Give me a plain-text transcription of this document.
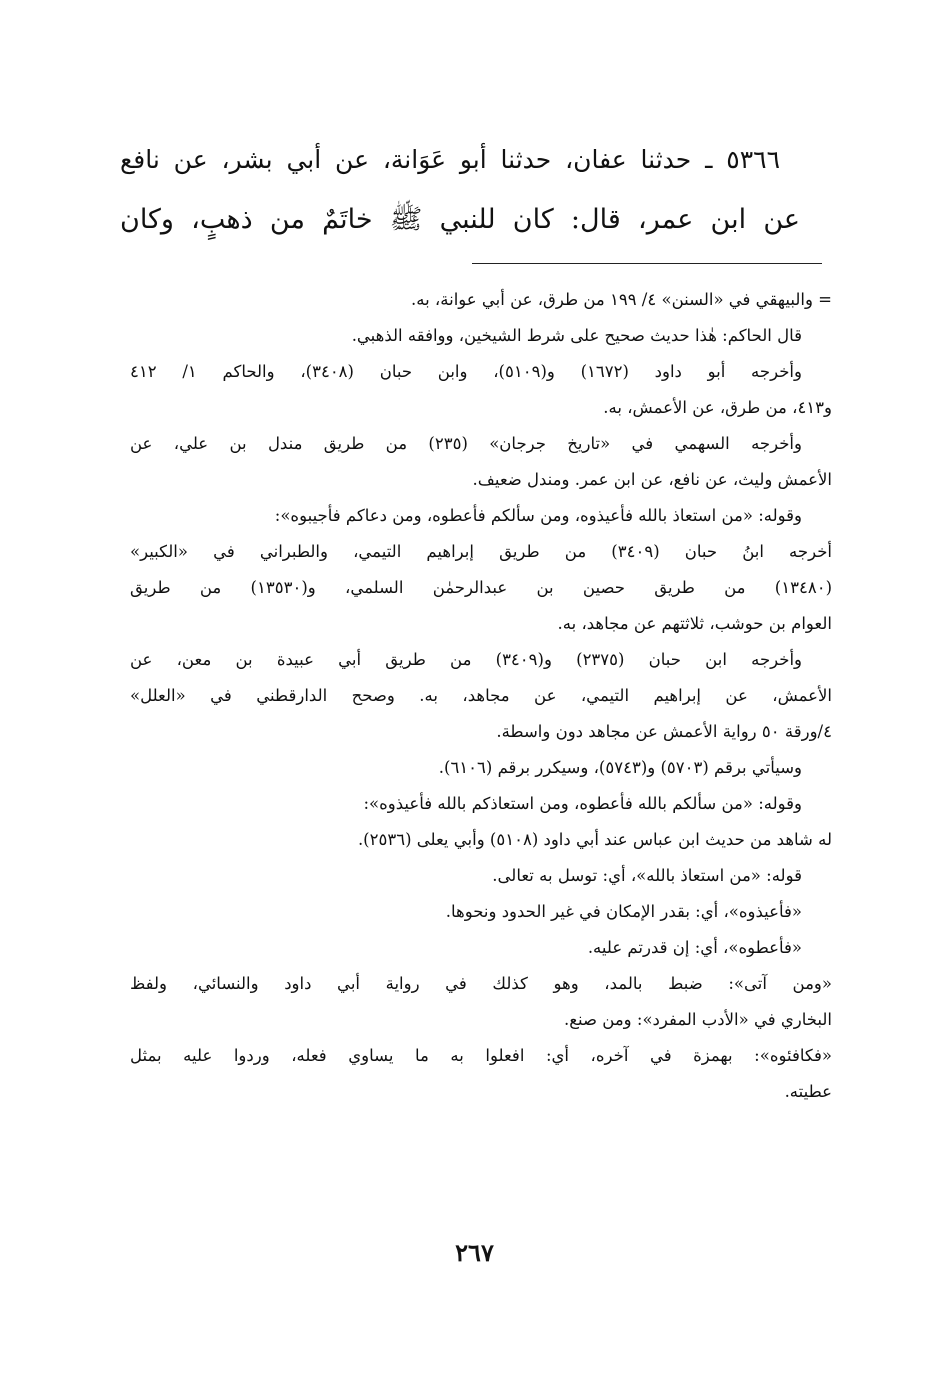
٥٣٦٦ ـ حدثنا عفان، حدثنا أبو عَوَانة، عن أبي بشر، عن نافع
عن ابن عمر، قال: كان للنبي ﷺ خاتَمٌ من ذهبٍ، وكان
= والبيهقي في «السنن» ٤/ ١٩٩ من طرق، عن أبي عوانة، به.
قال الحاكم: هٰذا حديث صحيح على شرط الشيخين، ووافقه الذهبي.
وأخرجه أبو داود (١٦٧٢) و(٥١٠٩)، وابن حبان (٣٤٠٨)، والحاكم ١/ ٤١٢
و٤١٣، من طرق، عن الأعمش، به.
وأخرجه السهمي في «تاريخ جرجان» (٢٣٥) من طريق مندل بن علي، عن
الأعمش وليث، عن نافع، عن ابن عمر. ومندل ضعيف.
وقوله: «من استعاذ بالله فأعيذوه، ومن سألكم فأعطوه، ومن دعاكم فأجيبوه»:
أخرجه ابنُ حبان (٣٤٠٩) من طريق إبراهيم التيمي، والطبراني في «الكبير»
(١٣٤٨٠) من طريق حصين بن عبدالرحمٰن السلمي، و(١٣٥٣٠) من طريق
العوام بن حوشب، ثلاثتهم عن مجاهد، به.
وأخرجه ابن حبان (٢٣٧٥) و(٣٤٠٩) من طريق أبي عبيدة بن معن، عن
الأعمش، عن إبراهيم التيمي، عن مجاهد، به. وصحح الدارقطني في «العلل»
٤/ورقة ٥٠ رواية الأعمش عن مجاهد دون واسطة.
وسيأتي برقم (٥٧٠٣) و(٥٧٤٣)، وسيكرر برقم (٦١٠٦).
وقوله: «من سألكم بالله فأعطوه، ومن استعاذكم بالله فأعيذوه»:
له شاهد من حديث ابن عباس عند أبي داود (٥١٠٨) وأبي يعلى (٢٥٣٦).
قوله: «من استعاذ بالله»، أي: توسل به تعالى.
«فأعيذوه»، أي: بقدر الإمكان في غير الحدود ونحوها.
«فأعطوه»، أي: إن قدرتم عليه.
«ومن آتى»: ضبط بالمد، وهو كذلك في رواية أبي داود والنسائي، ولفظ
البخاري في «الأدب المفرد»: ومن صنع.
«فكافئوه»: بهمزة في آخره، أي: افعلوا به ما يساوي فعله، وردوا عليه بمثل
عطيته.
٢٦٧
